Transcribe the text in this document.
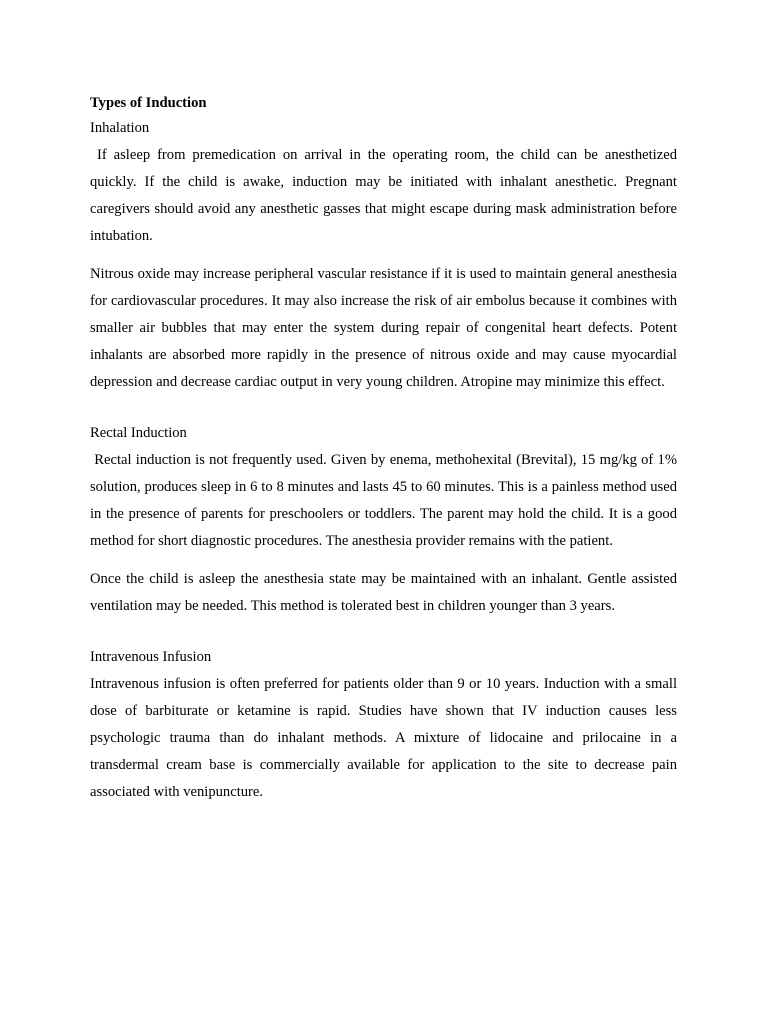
Types of Induction
Inhalation

If asleep from premedication on arrival in the operating room, the child can be anesthetized quickly. If the child is awake, induction may be initiated with inhalant anesthetic. Pregnant caregivers should avoid any anesthetic gasses that might escape during mask administration before intubation.

Nitrous oxide may increase peripheral vascular resistance if it is used to maintain general anesthesia for cardiovascular procedures. It may also increase the risk of air embolus because it combines with smaller air bubbles that may enter the system during repair of congenital heart defects. Potent inhalants are absorbed more rapidly in the presence of nitrous oxide and may cause myocardial depression and decrease cardiac output in very young children. Atropine may minimize this effect.

Rectal Induction

Rectal induction is not frequently used. Given by enema, methohexital (Brevital), 15 mg/kg of 1% solution, produces sleep in 6 to 8 minutes and lasts 45 to 60 minutes. This is a painless method used in the presence of parents for preschoolers or toddlers. The parent may hold the child. It is a good method for short diagnostic procedures. The anesthesia provider remains with the patient.

Once the child is asleep the anesthesia state may be maintained with an inhalant. Gentle assisted ventilation may be needed. This method is tolerated best in children younger than 3 years.

Intravenous Infusion

Intravenous infusion is often preferred for patients older than 9 or 10 years. Induction with a small dose of barbiturate or ketamine is rapid. Studies have shown that IV induction causes less psychologic trauma than do inhalant methods. A mixture of lidocaine and prilocaine in a transdermal cream base is commercially available for application to the site to decrease pain associated with venipuncture.
